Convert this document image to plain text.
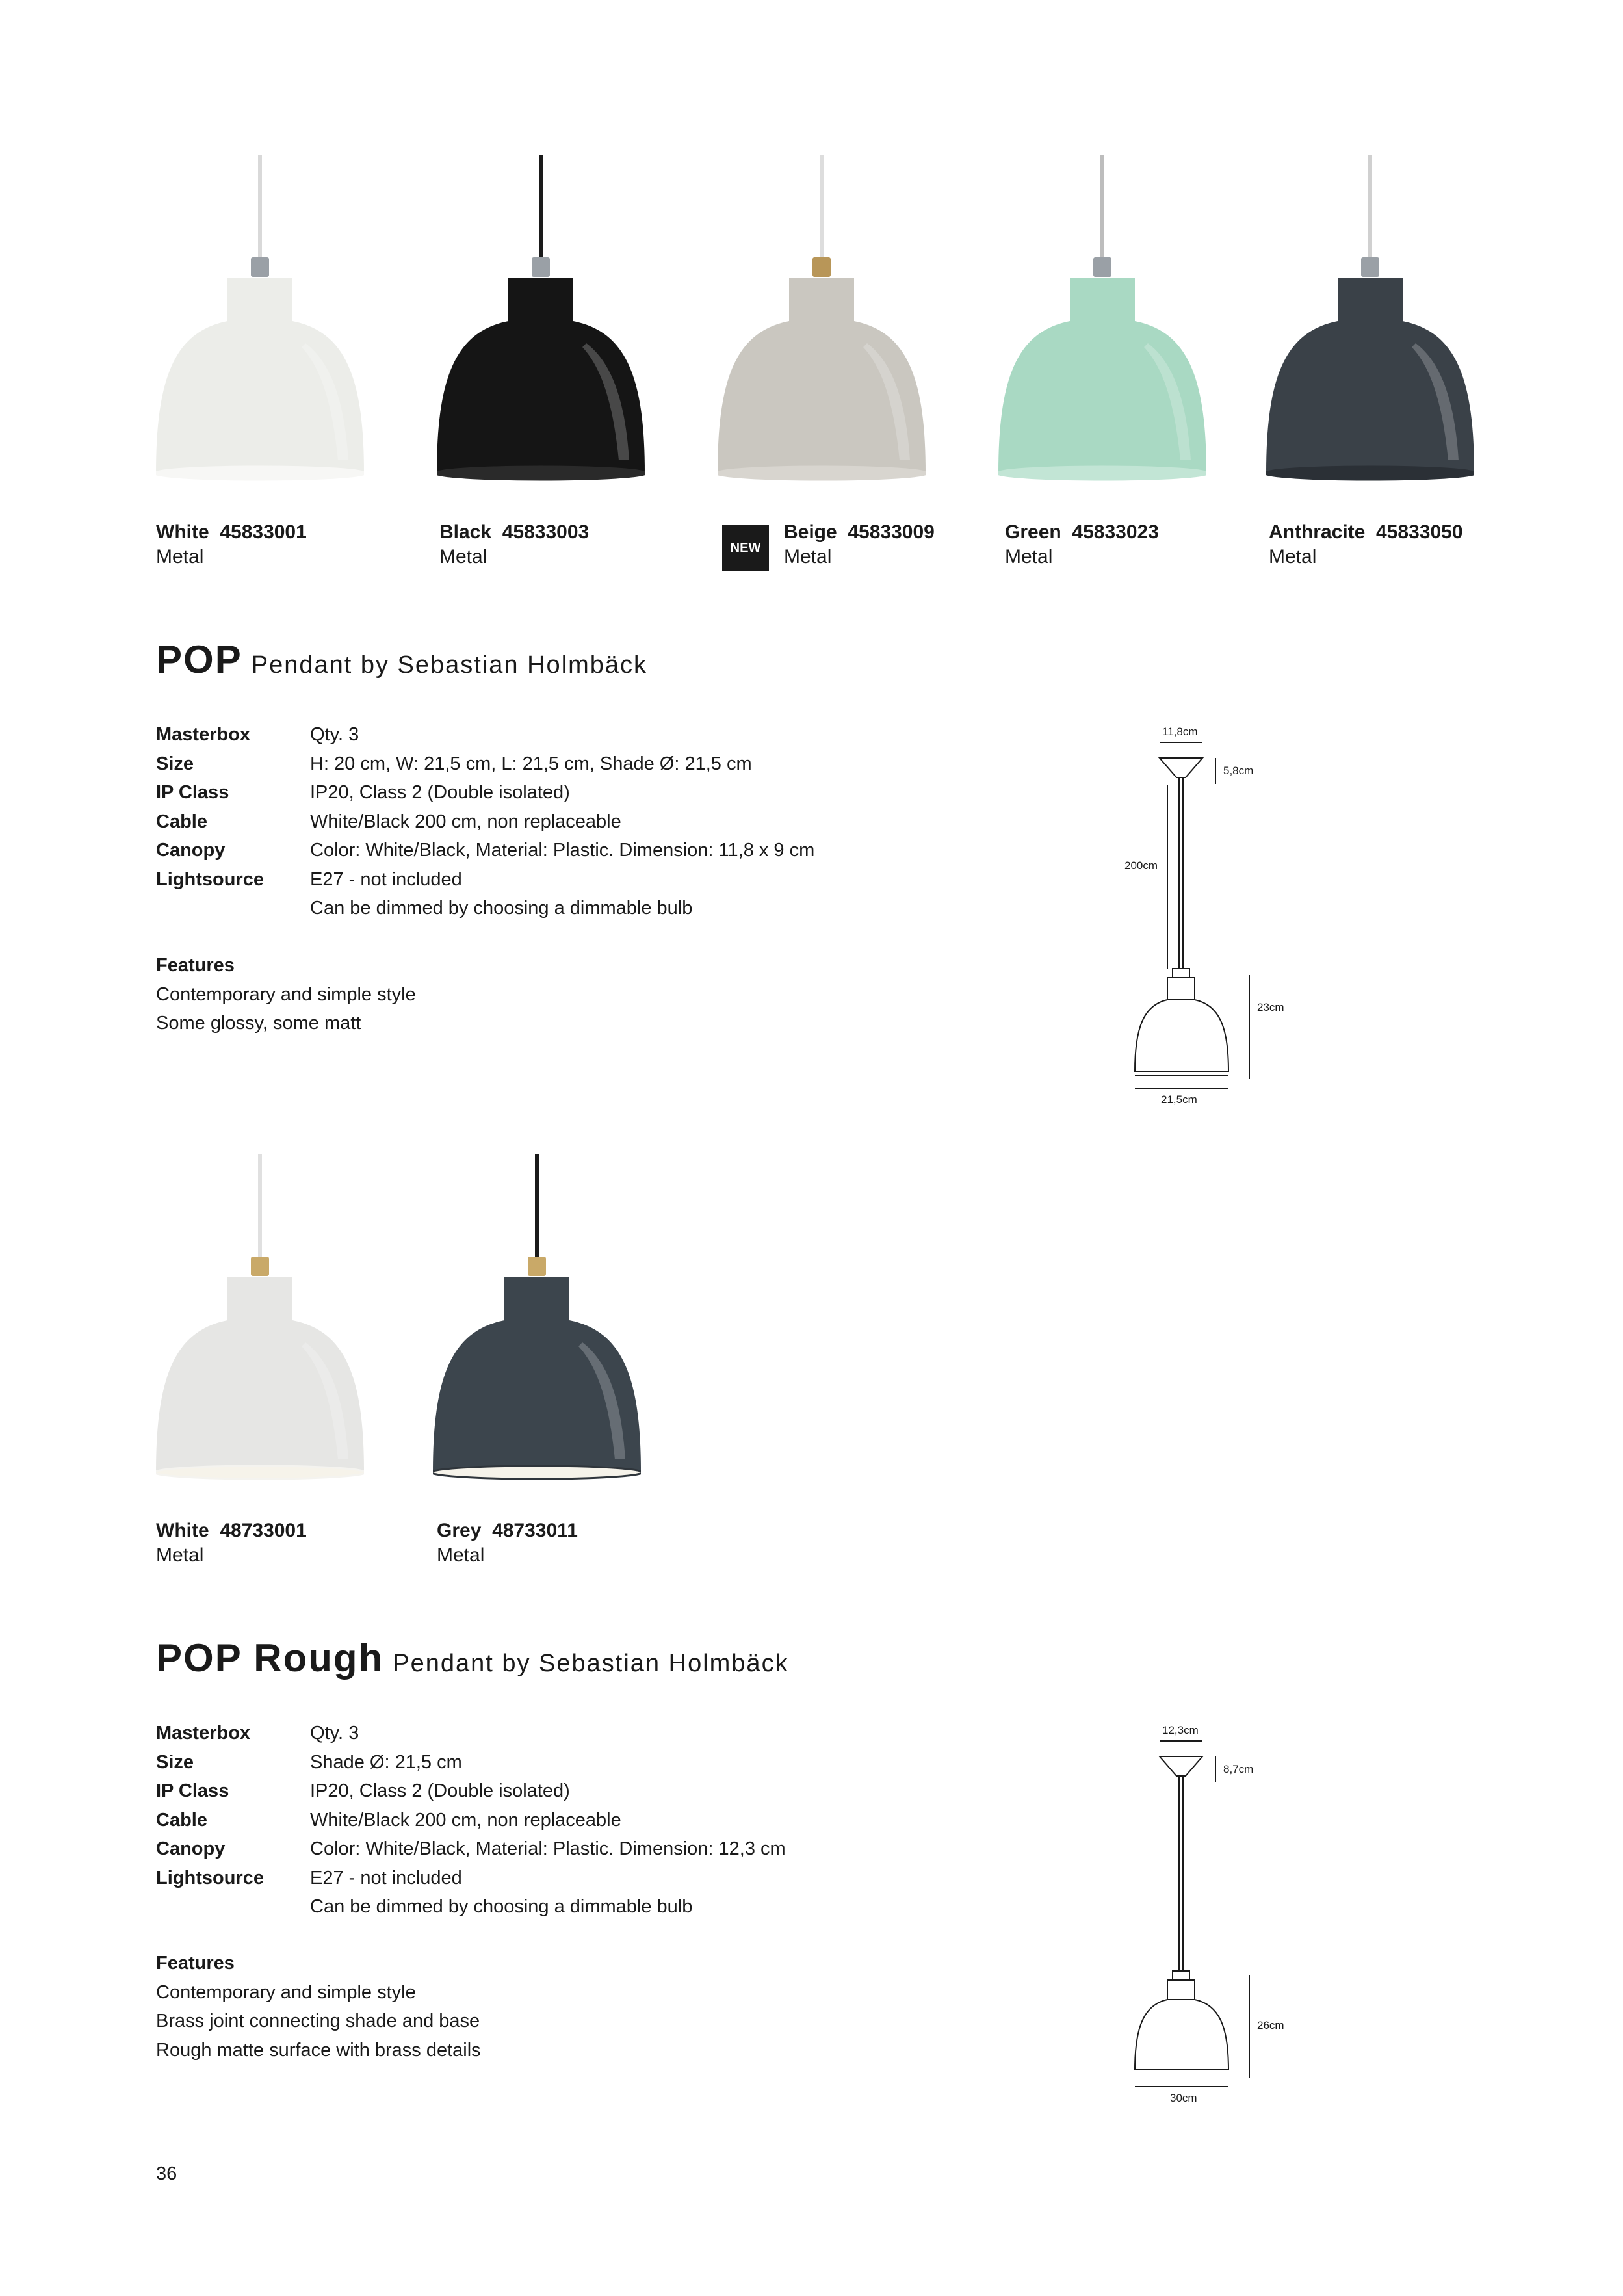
White 45833001
Metal
Black 45833003
Metal	NEW
Beige 45833009
Metal
Green 45833023
Metal
Anthracite 45833050
Metal
POP Pendant by Sebastian Holmbäck
Masterbox	Qty. 3
Size	H: 20 cm, W: 21,5 cm, L: 21,5 cm, Shade Ø: 21,5 cm
IP Class	IP20, Class 2 (Double isolated)
Cable	White/Black 200 cm, non replaceable
Canopy	Color: White/Black, Material: Plastic. Dimension: 11,8 x 9 cm
Lightsource	E27 - not included
Can be dimmed by choosing a dimmable bulb
Features
Contemporary and simple style
Some glossy, some matt
11,8cm
5,8cm
200cm
23cm
21,5cm
White 48733001
Metal
Grey 48733011
Metal
POP Rough Pendant by Sebastian Holmbäck
Masterbox	Qty. 3
Size	Shade Ø: 21,5 cm
IP Class	IP20, Class 2 (Double isolated)
Cable	White/Black 200 cm, non replaceable
Canopy	Color: White/Black, Material: Plastic. Dimension: 12,3 cm
Lightsource	E27 - not included
Can be dimmed by choosing a dimmable bulb
Features
Contemporary and simple style
Brass joint connecting shade and base
Rough matte surface with brass details
12,3cm
8,7cm
26cm
30cm
36
